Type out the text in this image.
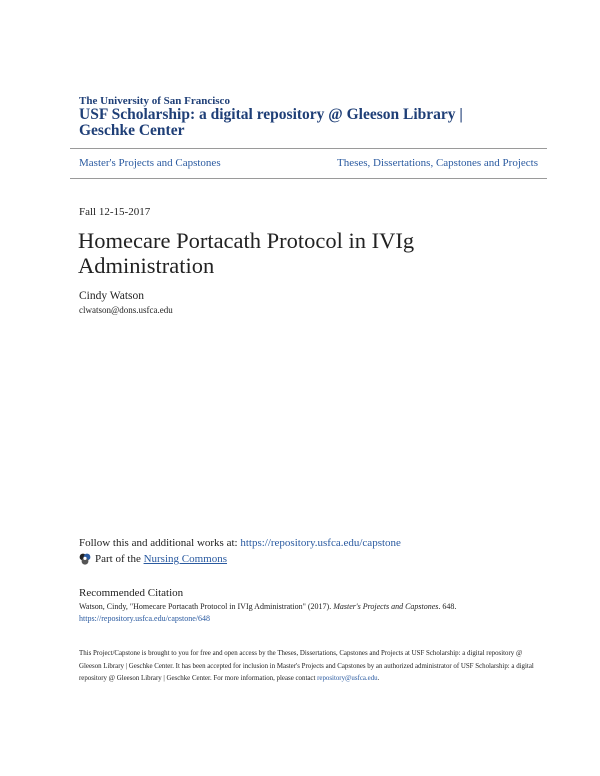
The University of San Francisco
USF Scholarship: a digital repository @ Gleeson Library | Geschke Center
Master's Projects and Capstones	Theses, Dissertations, Capstones and Projects
Fall 12-15-2017
Homecare Portacath Protocol in IVIg Administration
Cindy Watson
clwatson@dons.usfca.edu
Follow this and additional works at: https://repository.usfca.edu/capstone
Part of the
Nursing Commons
Recommended Citation
Watson, Cindy, "Homecare Portacath Protocol in IVIg Administration" (2017). Master's Projects and Capstones. 648.
https://repository.usfca.edu/capstone/648
This Project/Capstone is brought to you for free and open access by the Theses, Dissertations, Capstones and Projects at USF Scholarship: a digital repository @ Gleeson Library | Geschke Center. It has been accepted for inclusion in Master's Projects and Capstones by an authorized administrator of USF Scholarship: a digital repository @ Gleeson Library | Geschke Center. For more information, please contact repository@usfca.edu.
